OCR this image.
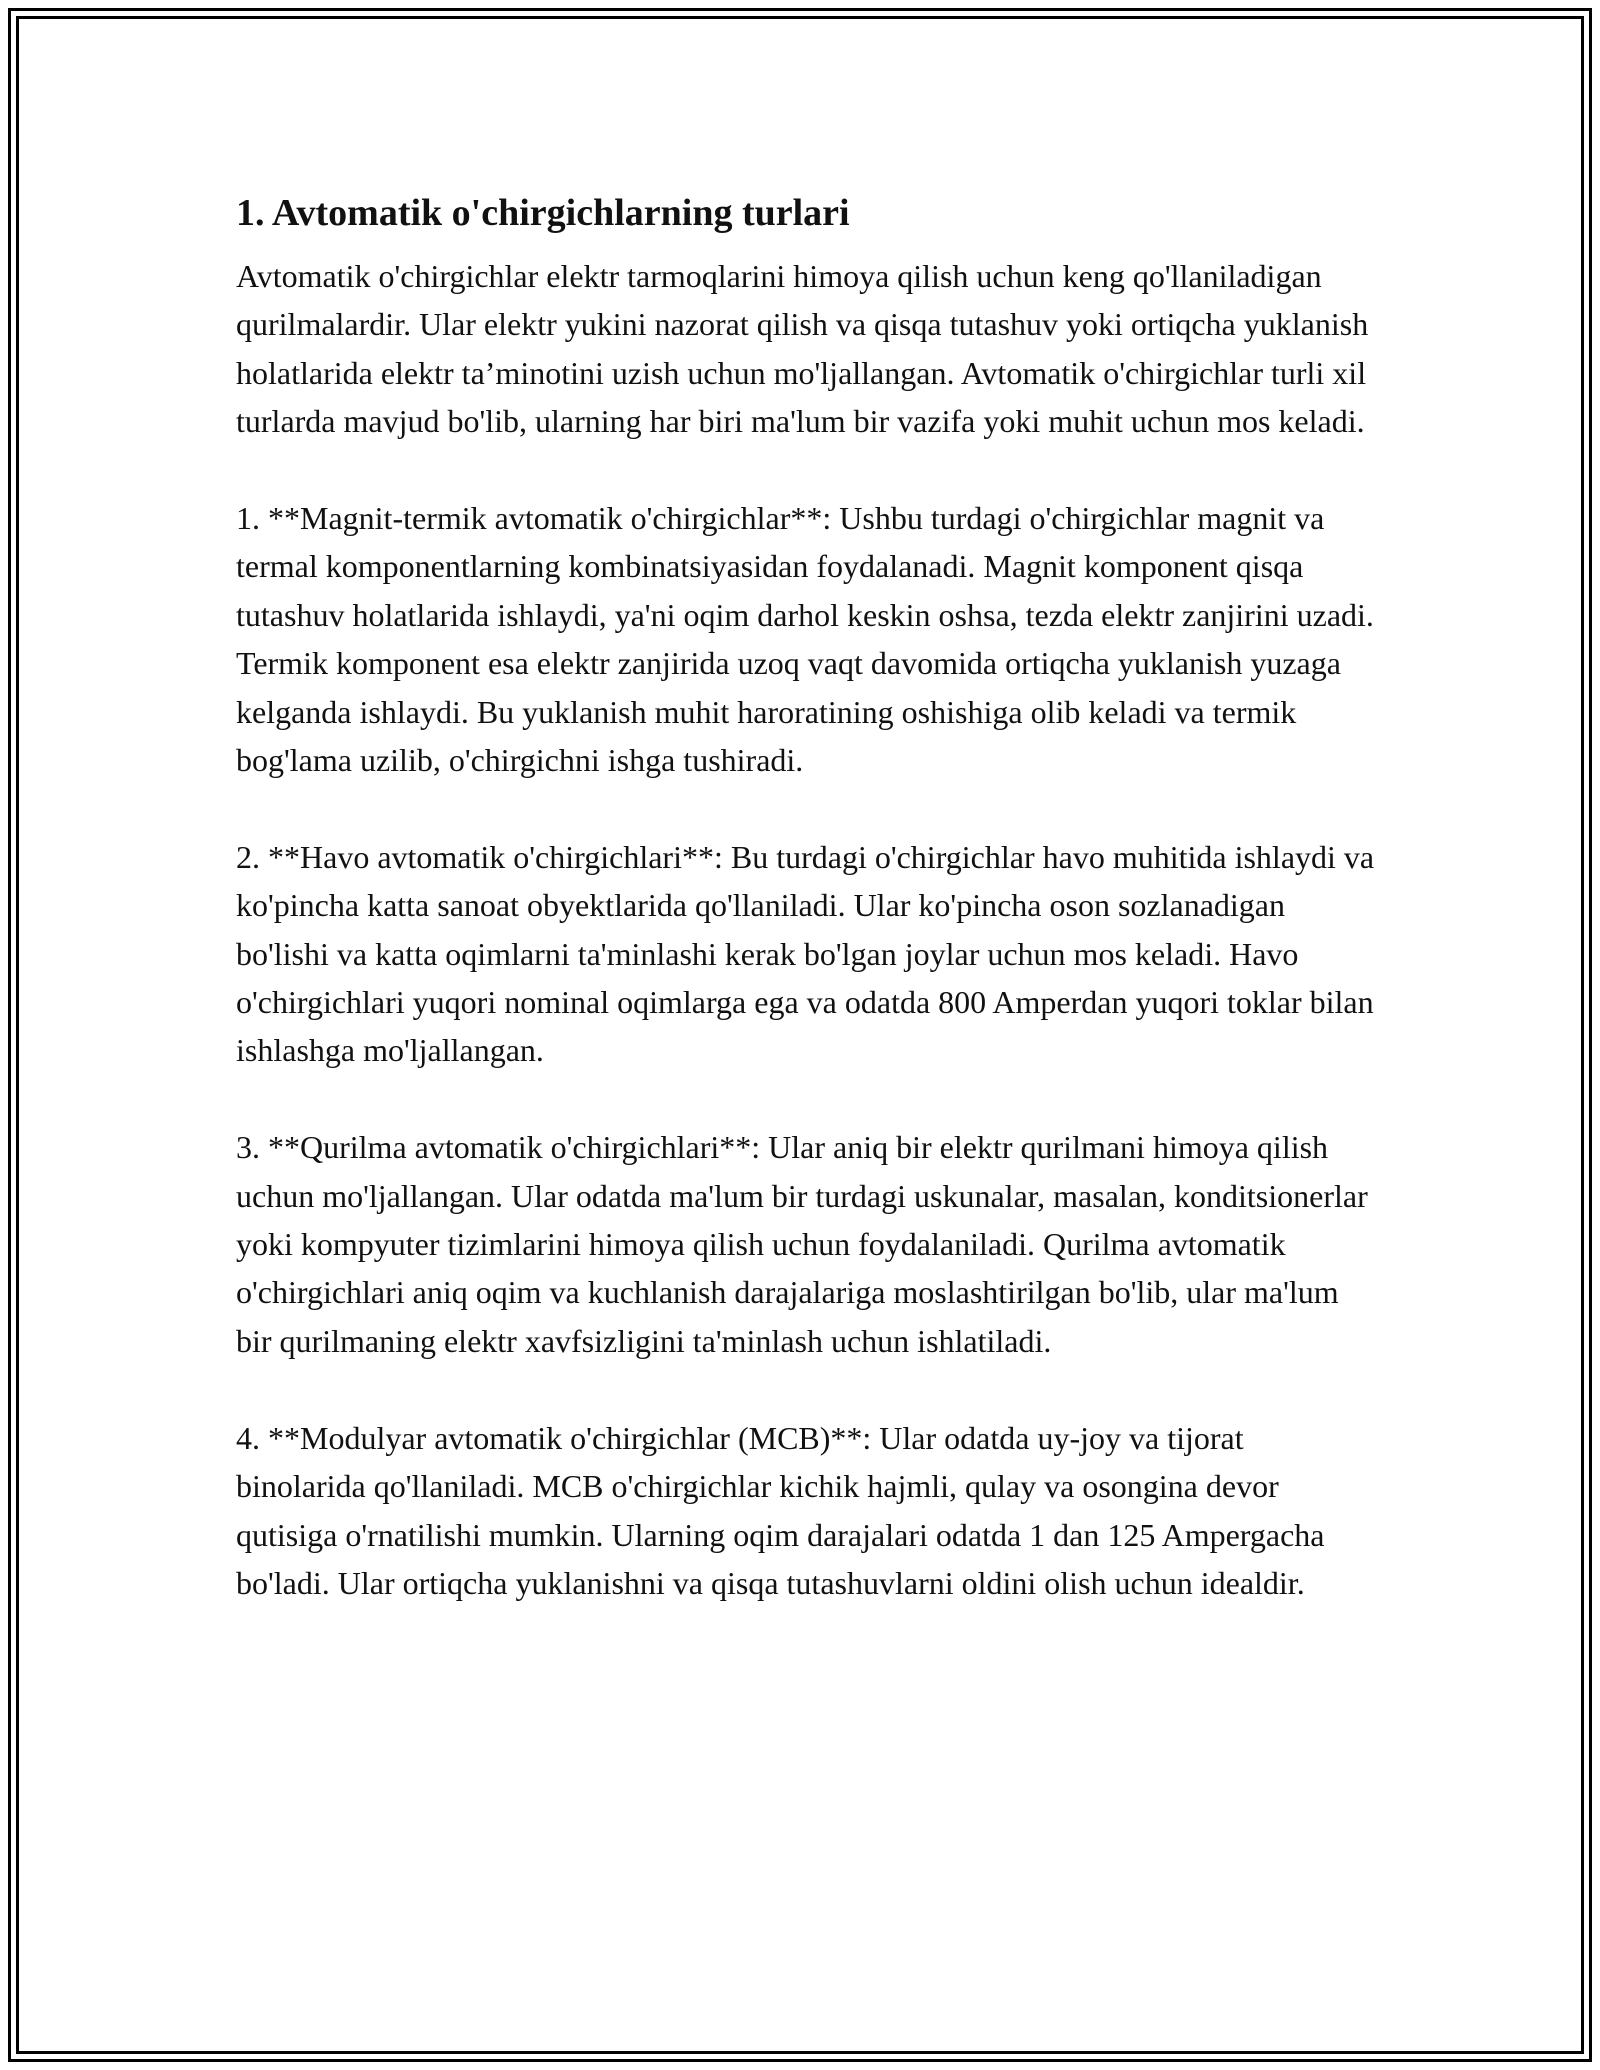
1. Avtomatik o'chirgichlarning turlari

Avtomatik o'chirgichlar elektr tarmoqlarini himoya qilish uchun keng qo'llaniladigan qurilmalardir. Ular elektr yukini nazorat qilish va qisqa tutashuv yoki ortiqcha yuklanish holatlarida elektr ta’minotini uzish uchun mo'ljallangan. Avtomatik o'chirgichlar turli xil turlarda mavjud bo'lib, ularning har biri ma'lum bir vazifa yoki muhit uchun mos keladi.

1. **Magnit-termik avtomatik o'chirgichlar**: Ushbu turdagi o'chirgichlar magnit va termal komponentlarning kombinatsiyasidan foydalanadi. Magnit komponent qisqa tutashuv holatlarida ishlaydi, ya'ni oqim darhol keskin oshsa, tezda elektr zanjirini uzadi. Termik komponent esa elektr zanjirida uzoq vaqt davomida ortiqcha yuklanish yuzaga kelganda ishlaydi. Bu yuklanish muhit haroratining oshishiga olib keladi va termik bog'lama uzilib, o'chirgichni ishga tushiradi.

2. **Havo avtomatik o'chirgichlari**: Bu turdagi o'chirgichlar havo muhitida ishlaydi va ko'pincha katta sanoat obyektlarida qo'llaniladi. Ular ko'pincha oson sozlanadigan bo'lishi va katta oqimlarni ta'minlashi kerak bo'lgan joylar uchun mos keladi. Havo o'chirgichlari yuqori nominal oqimlarga ega va odatda 800 Amperdan yuqori toklar bilan ishlashga mo'ljallangan.

3. **Qurilma avtomatik o'chirgichlari**: Ular aniq bir elektr qurilmani himoya qilish uchun mo'ljallangan. Ular odatda ma'lum bir turdagi uskunalar, masalan, konditsionerlar yoki kompyuter tizimlarini himoya qilish uchun foydalaniladi. Qurilma avtomatik o'chirgichlari aniq oqim va kuchlanish darajalariga moslashtirilgan bo'lib, ular ma'lum bir qurilmaning elektr xavfsizligini ta'minlash uchun ishlatiladi.

4. **Modulyar avtomatik o'chirgichlar (MCB)**: Ular odatda uy-joy va tijorat binolarida qo'llaniladi. MCB o'chirgichlar kichik hajmli, qulay va osongina devor qutisiga o'rnatilishi mumkin. Ularning oqim darajalari odatda 1 dan 125 Ampergacha bo'ladi. Ular ortiqcha yuklanishni va qisqa tutashuvlarni oldini olish uchun idealdir.
